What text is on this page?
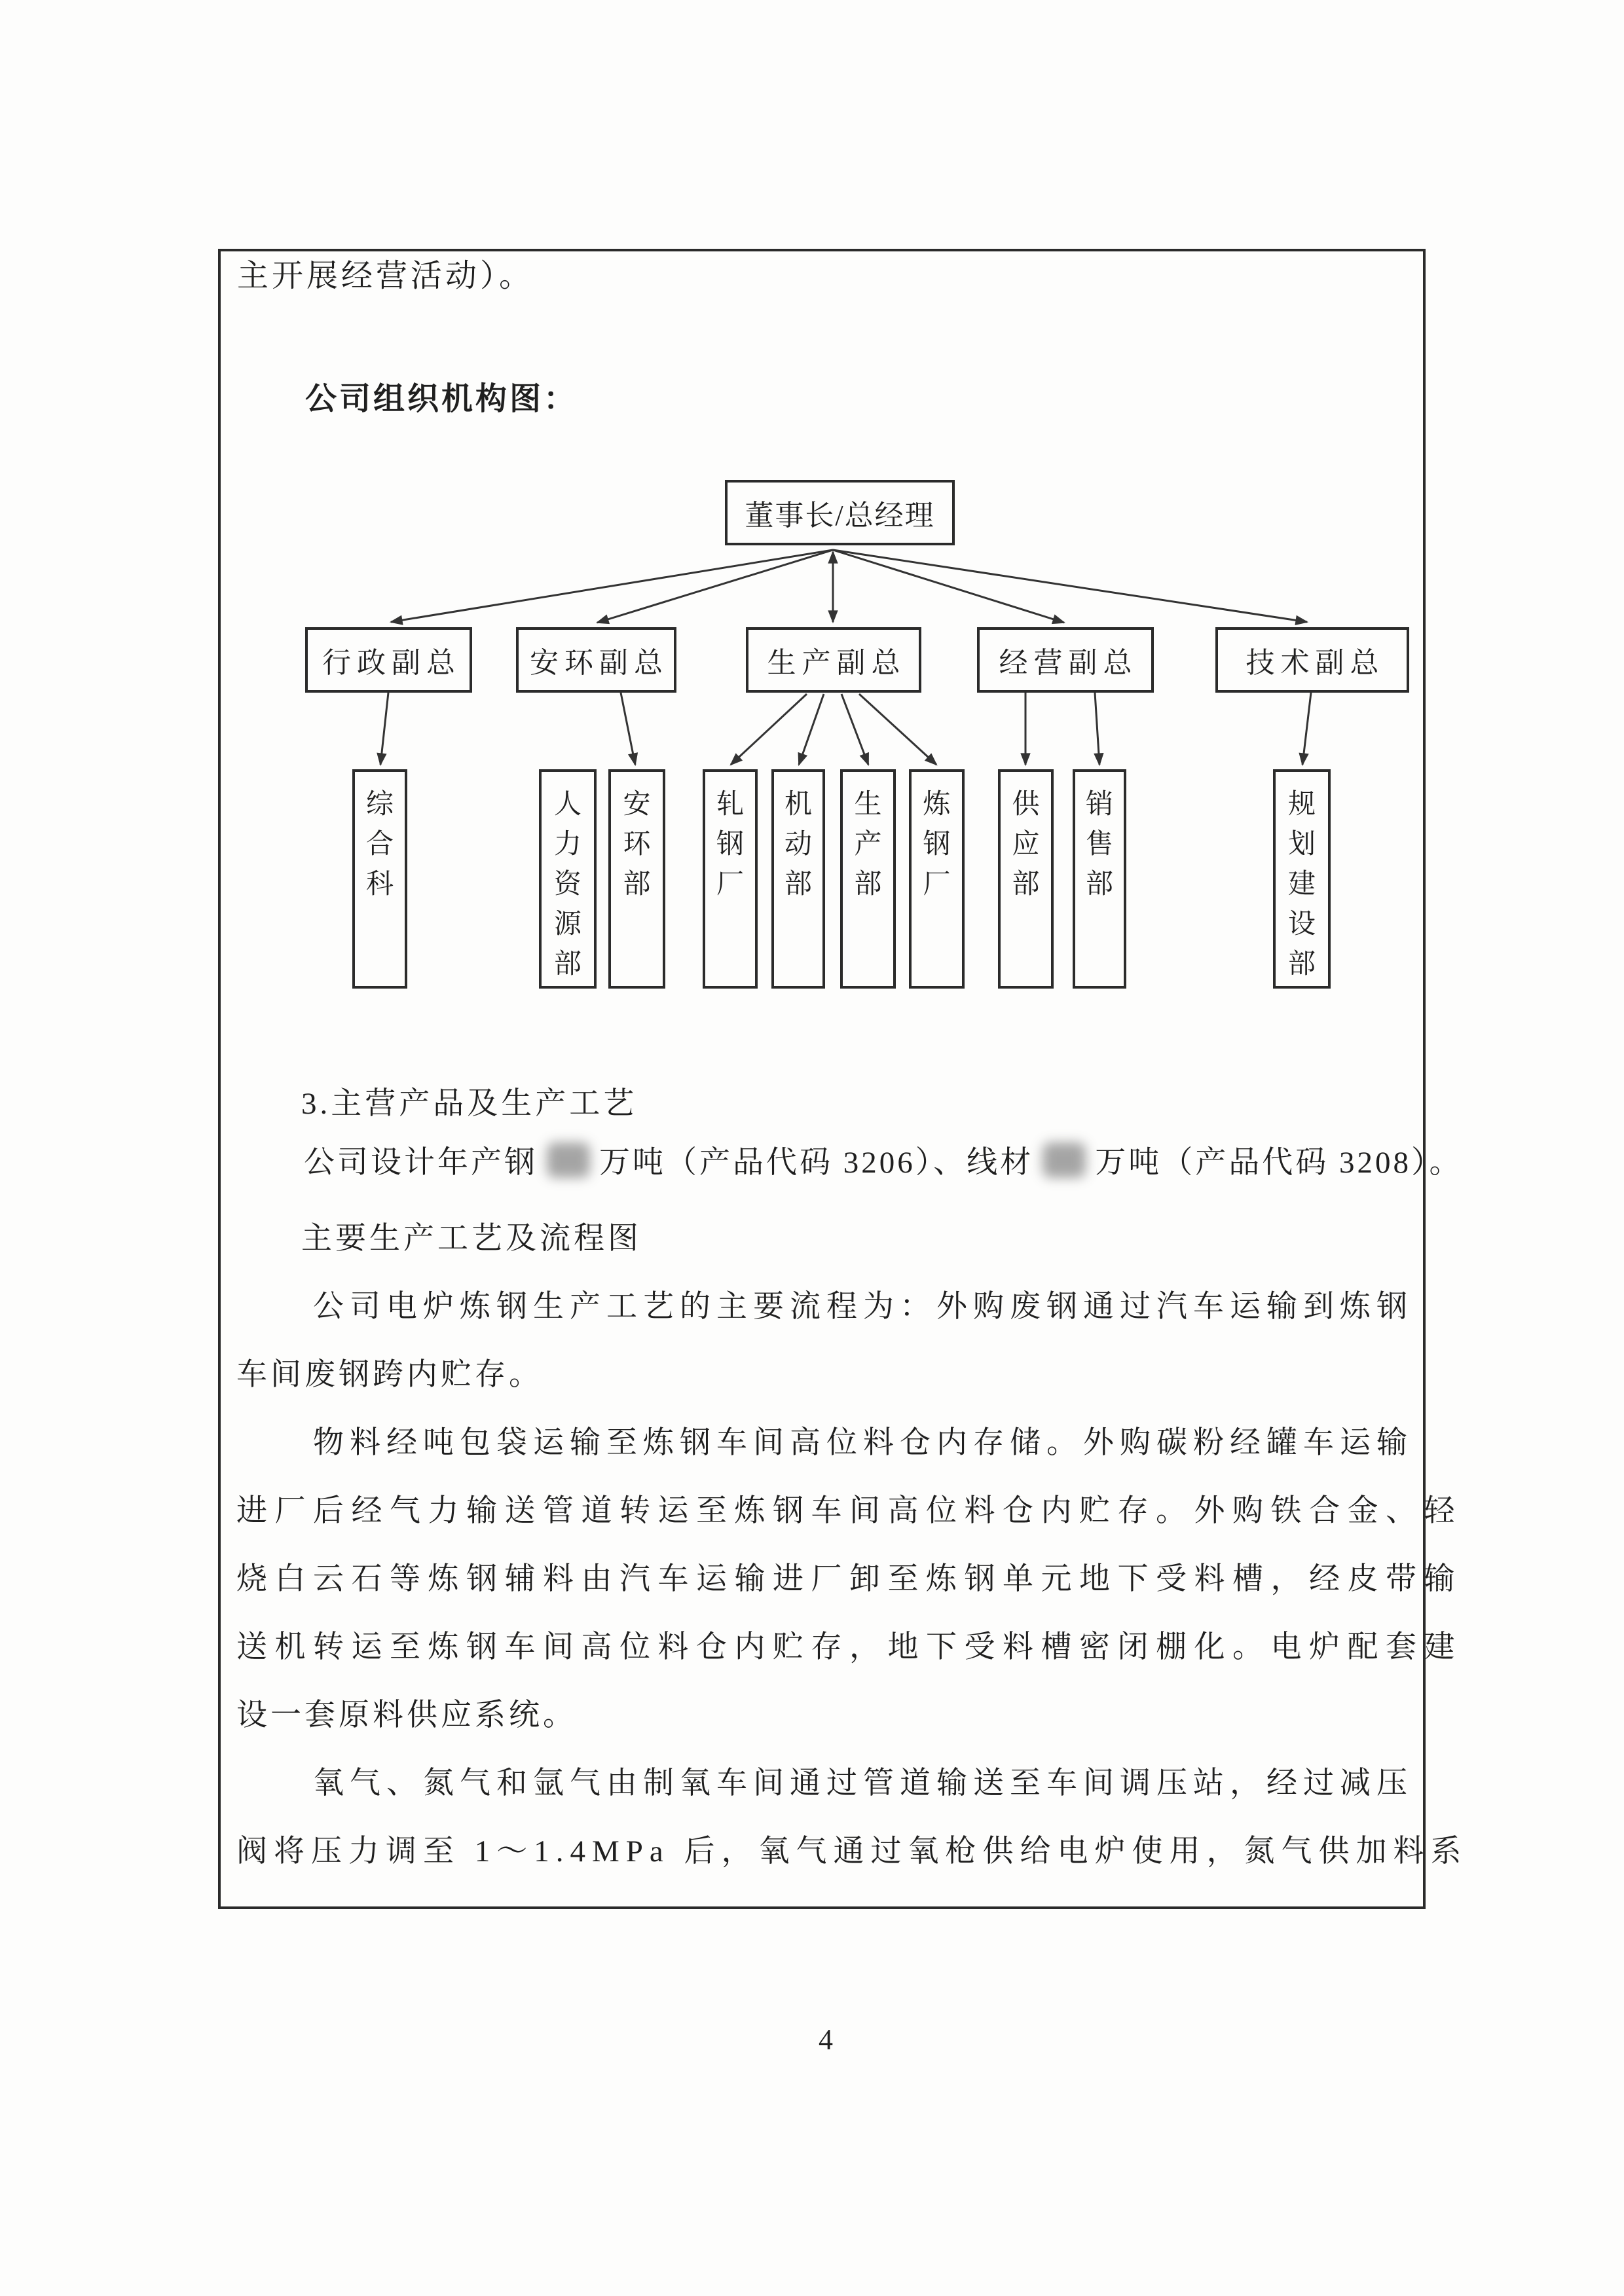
主开展经营活动）。
公司组织机构图：
董事长/总经理
行政副总	安环副总	生产副总	经营副总	技术副总
综合科
人力资源部
安环部
轧钢厂
机动部
生产部
炼钢厂
供应部
销售部
规划建设部
3.主营产品及生产工艺
公司设计年产钢 万吨（产品代码 3206）、线材 万吨（产品代码 3208）。
主要生产工艺及流程图
公司电炉炼钢生产工艺的主要流程为：外购废钢通过汽车运输到炼钢
车间废钢跨内贮存。
物料经吨包袋运输至炼钢车间高位料仓内存储。外购碳粉经罐车运输
进厂后经气力输送管道转运至炼钢车间高位料仓内贮存。外购铁合金、轻
烧白云石等炼钢辅料由汽车运输进厂卸至炼钢单元地下受料槽，经皮带输
送机转运至炼钢车间高位料仓内贮存，地下受料槽密闭棚化。电炉配套建
设一套原料供应系统。
氧气、氮气和氩气由制氧车间通过管道输送至车间调压站，经过减压
阀将压力调至 1～1.4MPa 后，氧气通过氧枪供给电炉使用，氮气供加料系
4
